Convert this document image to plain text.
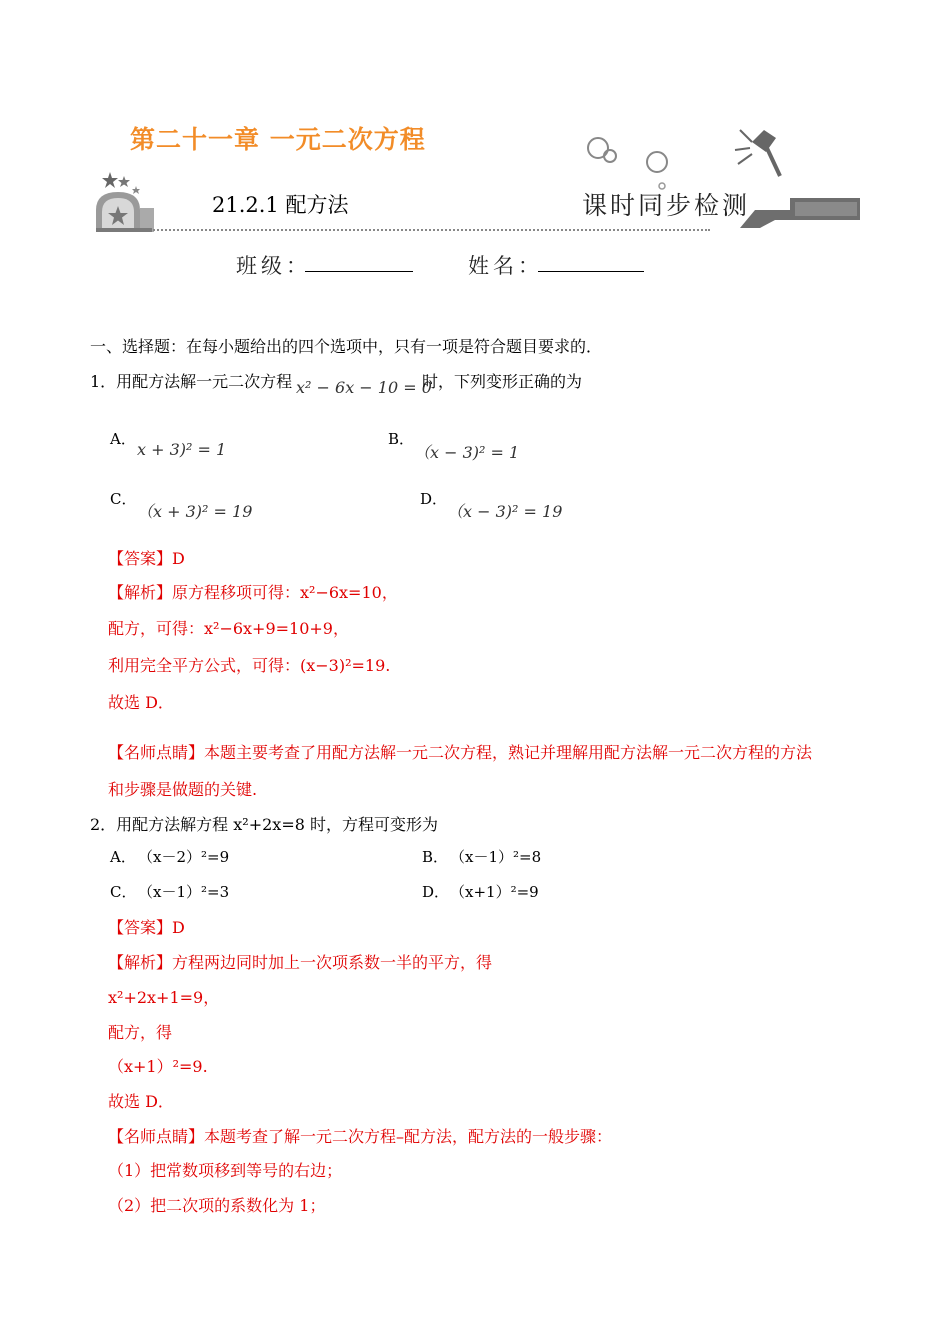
第二十一章 一元二次方程
21.2.1 配方法	课时同步检测
班级：	姓名：
一、选择题：在每小题给出的四个选项中，只有一项是符合题目要求的．
1．用配方法解一元二次方程 x² − 6x − 10 = 0
时，下列变形正确的为
A．
x + 3)² = 1
B．
（x − 3)² = 1
C．
（x + 3)² = 19
D．
（x − 3)² = 19
【答案】D
【解析】原方程移项可得：x²−6x=10，
配方，可得：x²−6x+9=10+9，
利用完全平方公式，可得：(x−3)²=19.
故选 D．
【名师点睛】本题主要考查了用配方法解一元二次方程，熟记并理解用配方法解一元二次方程的方法
和步骤是做题的关键.
2．用配方法解方程 x²+2x=8 时，方程可变形为
A． （x－2）²=9	B． （x－1）²=8
C． （x－1）²=3	D． （x+1）²=9
【答案】D
【解析】方程两边同时加上一次项系数一半的平方，得
x²+2x+1=9，
配方，得
（x+1）²=9.
故选 D．
【名师点睛】本题考查了解一元二次方程–配方法，配方法的一般步骤：
（1）把常数项移到等号的右边；
（2）把二次项的系数化为 1；
